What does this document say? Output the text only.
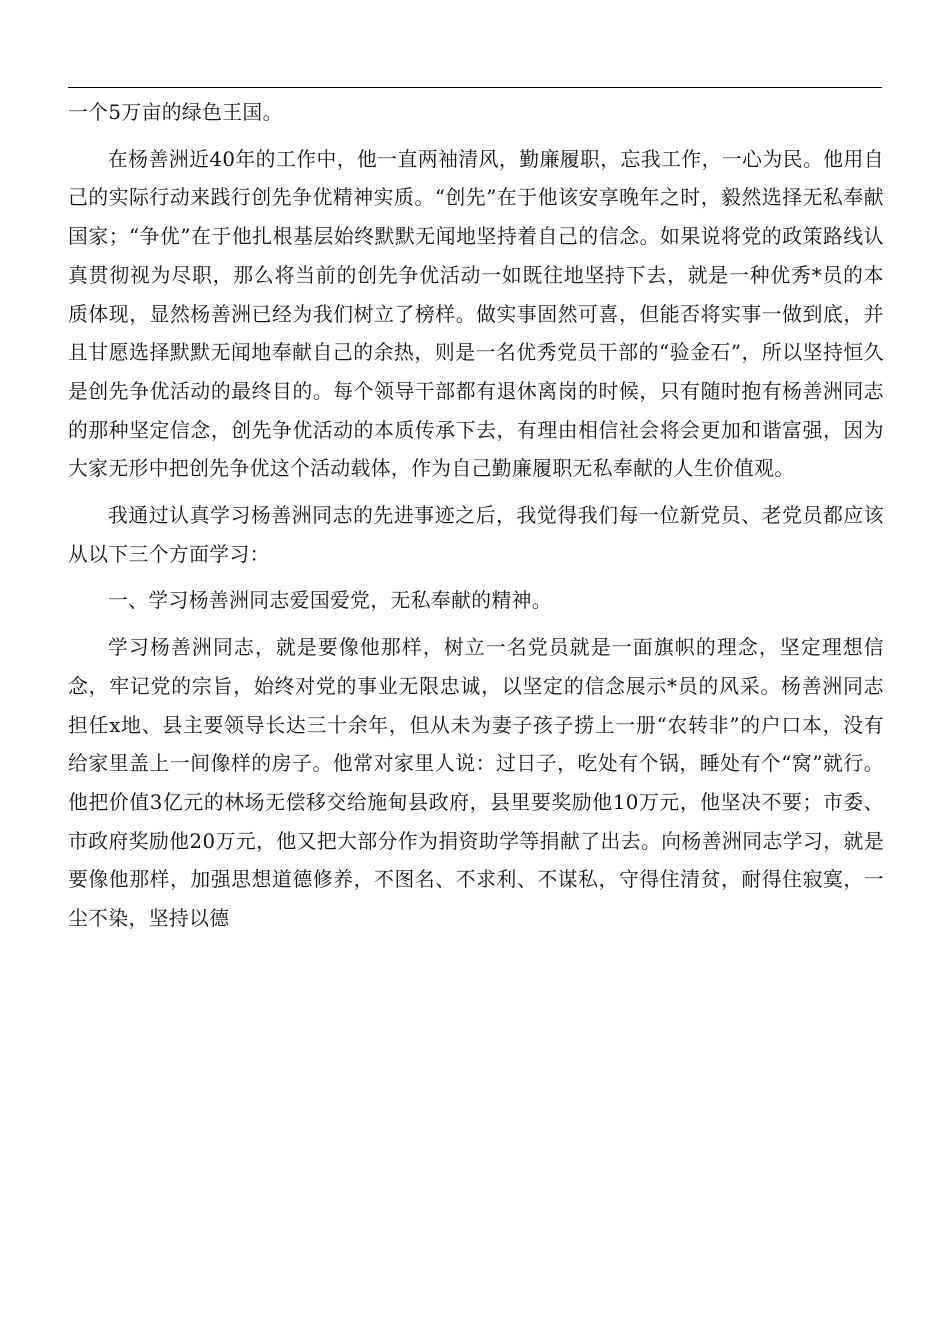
一个5万亩的绿色王国。

在杨善洲近40年的工作中，他一直两袖清风，勤廉履职，忘我工作，一心为民。他用自己的实际行动来践行创先争优精神实质。“创先”在于他该安享晚年之时，毅然选择无私奉献国家；“争优”在于他扎根基层始终默默无闻地坚持着自己的信念。如果说将党的政策路线认真贯彻视为尽职，那么将当前的创先争优活动一如既往地坚持下去，就是一种优秀*员的本质体现，显然杨善洲已经为我们树立了榜样。做实事固然可喜，但能否将实事一做到底，并且甘愿选择默默无闻地奉献自己的余热，则是一名优秀党员干部的“验金石”，所以坚持恒久是创先争优活动的最终目的。每个领导干部都有退休离岗的时候，只有随时抱有杨善洲同志的那种坚定信念，创先争优活动的本质传承下去，有理由相信社会将会更加和谐富强，因为大家无形中把创先争优这个活动载体，作为自己勤廉履职无私奉献的人生价值观。

我通过认真学习杨善洲同志的先进事迹之后，我觉得我们每一位新党员、老党员都应该从以下三个方面学习：

一、学习杨善洲同志爱国爱党，无私奉献的精神。

学习杨善洲同志，就是要像他那样，树立一名党员就是一面旗帜的理念，坚定理想信念，牢记党的宗旨，始终对党的事业无限忠诚，以坚定的信念展示*员的风采。杨善洲同志担任x地、县主要领导长达三十余年，但从未为妻子孩子捞上一册“农转非”的户口本，没有给家里盖上一间像样的房子。他常对家里人说：过日子，吃处有个锅，睡处有个“窝”就行。他把价值3亿元的林场无偿移交给施甸县政府，县里要奖励他10万元，他坚决不要；市委、市政府奖励他20万元，他又把大部分作为捐资助学等捐献了出去。向杨善洲同志学习，就是要像他那样，加强思想道德修养，不图名、不求利、不谋私，守得住清贫，耐得住寂寞，一尘不染，坚持以德
